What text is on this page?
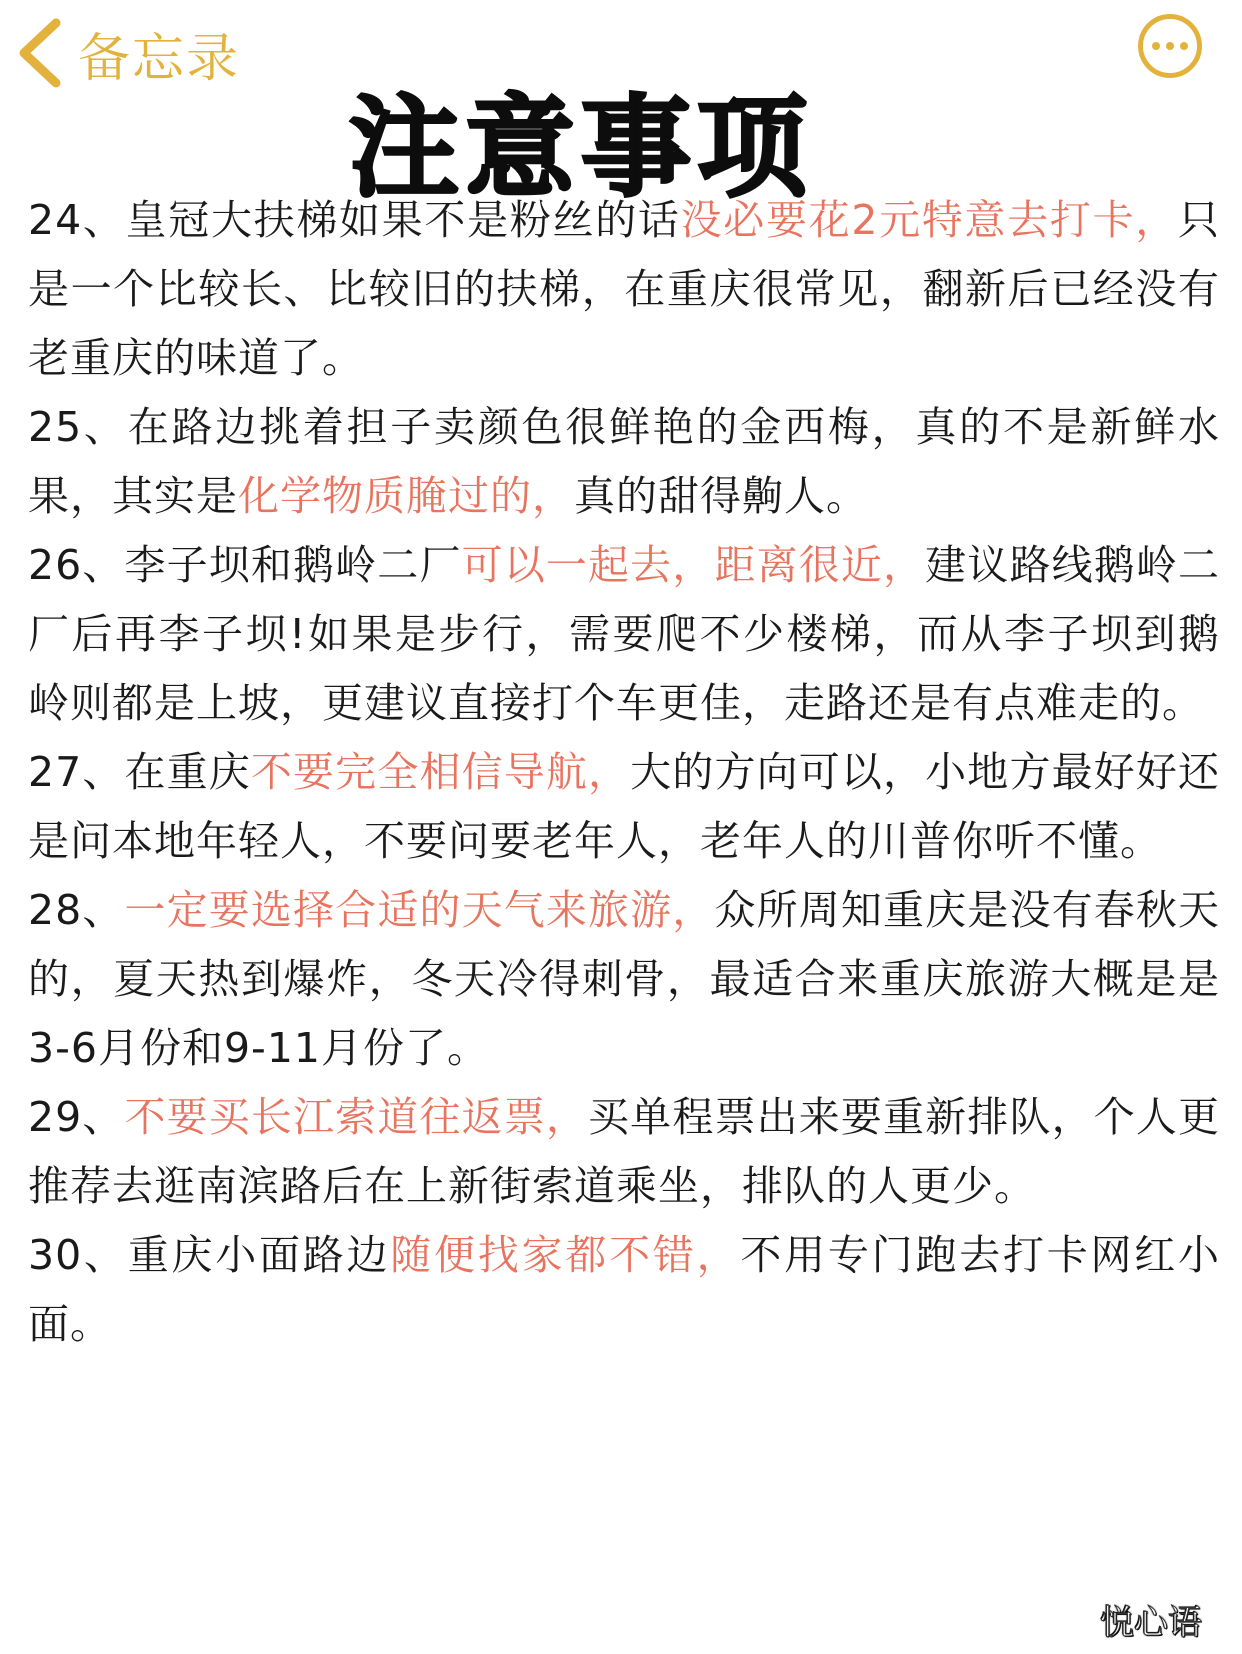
备忘录
注意事项

24、皇冠大扶梯如果不是粉丝的话没必要花2元特意去打卡，只是一个比较长、比较旧的扶梯，在重庆很常见，翻新后已经没有老重庆的味道了。

25、在路边挑着担子卖颜色很鲜艳的金西梅，真的不是新鲜水果，其实是化学物质腌过的，真的甜得齁人。

26、李子坝和鹅岭二厂可以一起去，距离很近，建议路线鹅岭二厂后再李子坝!如果是步行，需要爬不少楼梯，而从李子坝到鹅岭则都是上坡，更建议直接打个车更佳，走路还是有点难走的。

27、在重庆不要完全相信导航，大的方向可以，小地方最好好还是问本地年轻人，不要问要老年人，老年人的川普你听不懂。

28、一定要选择合适的天气来旅游，众所周知重庆是没有春秋天的，夏天热到爆炸，冬天冷得刺骨，最适合来重庆旅游大概是是3-6月份和9-11月份了。

29、不要买长江索道往返票，买单程票出来要重新排队，个人更推荐去逛南滨路后在上新街索道乘坐，排队的人更少。

30、重庆小面路边随便找家都不错，不用专门跑去打卡网红小面。

悦心语
